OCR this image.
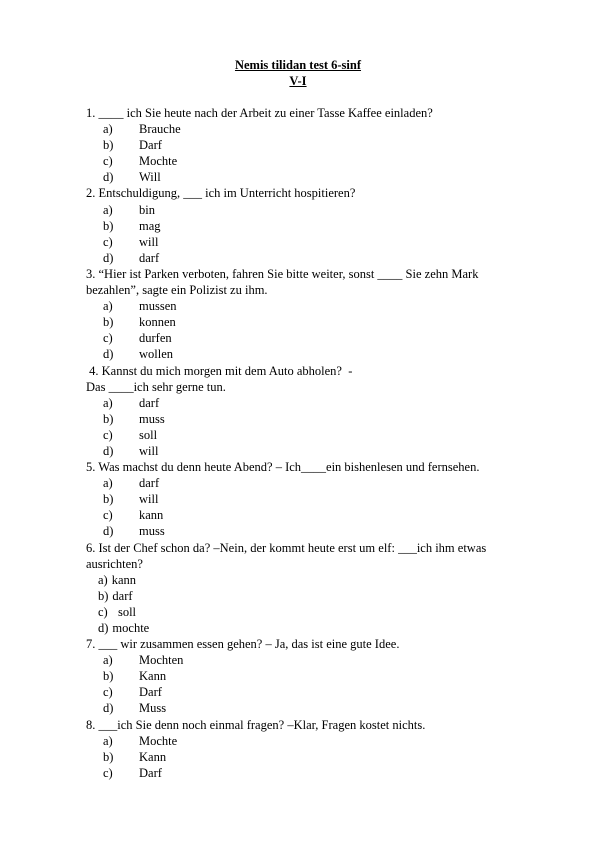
Nemis tilidan test 6-sinf
V-I
1. ____ ich Sie heute nach der Arbeit zu einer Tasse Kaffee einladen?
a)	Brauche
b)	Darf
c)	Mochte
d)	Will
2. Entschuldigung, ___ ich im Unterricht hospitieren?
a)	bin
b)	mag
c)	will
d)	darf
3. “Hier ist Parken verboten, fahren Sie bitte weiter, sonst ____ Sie zehn Mark
bezahlen”, sagte ein Polizist zu ihm.
a)	mussen
b)	konnen
c)	durfen
d)	wollen
4. Kannst du mich morgen mit dem Auto abholen?  -
Das ____ich sehr gerne tun.
a)	darf
b)	muss
c)	soll
d)	will
5. Was machst du denn heute Abend? – Ich____ein bishenlesen und fernsehen.
a)	darf
b)	will
c)	kann
d)	muss
6. Ist der Chef schon da? –Nein, der kommt heute erst um elf: ___ich ihm etwas
ausrichten?
a) kann
b) darf
c) soll
d) mochte
7. ___ wir zusammen essen gehen? – Ja, das ist eine gute Idee.
a)	Mochten
b)	Kann
c)	Darf
d)	Muss
8. ___ich Sie denn noch einmal fragen? –Klar, Fragen kostet nichts.
a)	Mochte
b)	Kann
c)	Darf
